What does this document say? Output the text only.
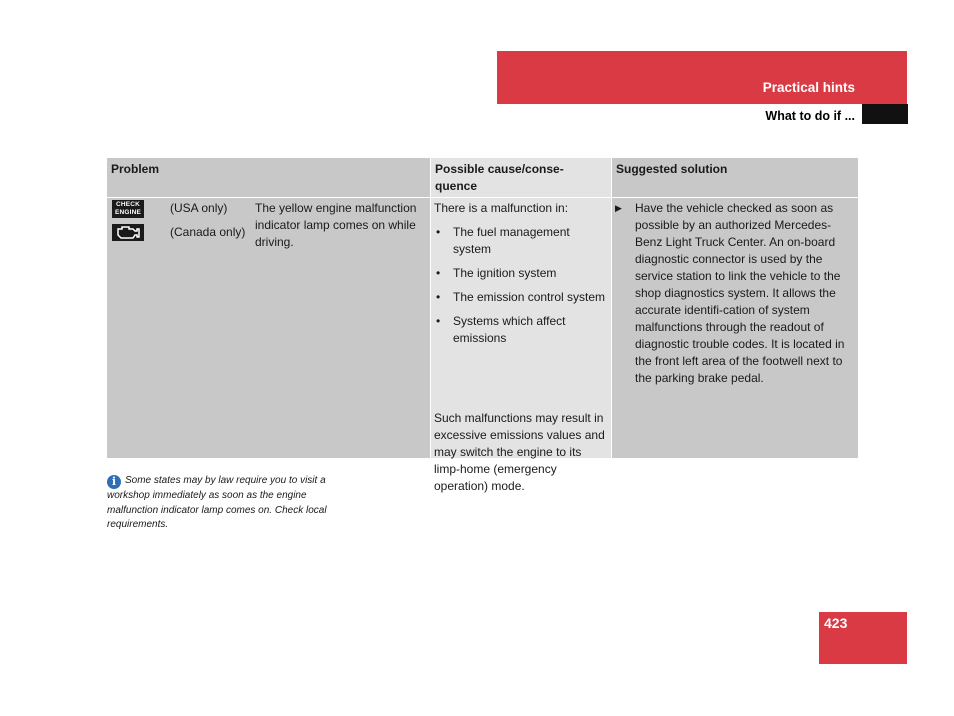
Practical hints
What to do if ...
Problem	Possible cause/conse-
quence
Suggested solution
CHECK
ENGINE (USA only)
(Canada only)
The yellow engine malfunction indicator lamp comes on while driving.
There is a malfunction in:
• The fuel management system
• The ignition system
• The emission control system
• Systems which affect emissions
Such malfunctions may result in excessive emissions values and may switch the engine to its limp-home (emergency operation) mode.
▶ Have the vehicle checked as soon as possible by an authorized Mercedes-Benz Light Truck Center. An on-board diagnostic connector is used by the service station to link the vehicle to the shop diagnostics system. It allows the accurate identifi-cation of system malfunctions through the readout of diagnostic trouble codes. It is located in the front left area of the footwell next to the parking brake pedal.
i Some states may by law require you to visit a workshop immediately as soon as the engine malfunction indicator lamp comes on. Check local requirements.
423
